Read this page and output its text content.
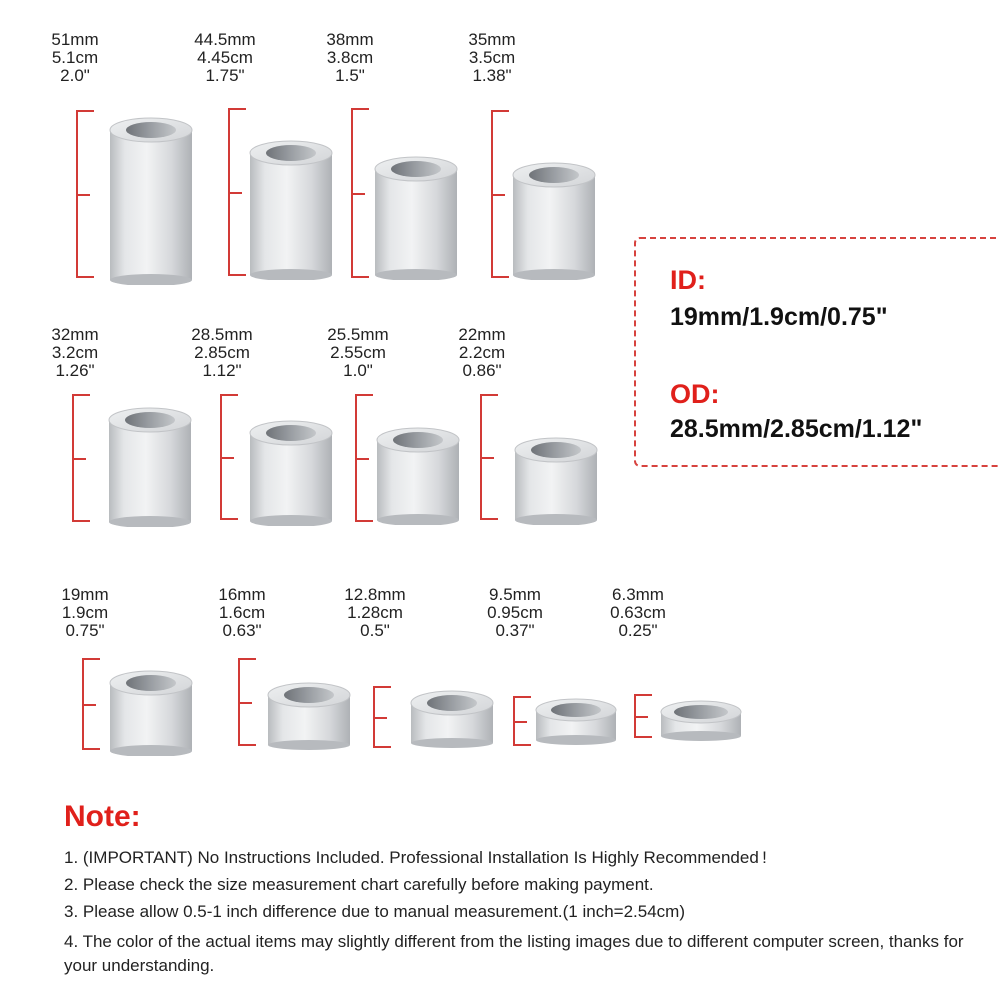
51mm
5.1cm
2.0"
44.5mm
4.45cm
1.75"
38mm
3.8cm
1.5"
35mm
3.5cm
1.38"
32mm
3.2cm
1.26"
28.5mm
2.85cm
1.12"
25.5mm
2.55cm
1.0"
22mm
2.2cm
0.86"
ID:
19mm/1.9cm/0.75"
OD:
28.5mm/2.85cm/1.12"
19mm
1.9cm
0.75"
16mm
1.6cm
0.63"
12.8mm
1.28cm
0.5"
9.5mm
0.95cm
0.37"
6.3mm
0.63cm
0.25"
Note:
1. (IMPORTANT) No Instructions Included. Professional Installation Is Highly Recommended !
2. Please check the size measurement chart carefully before making payment.
3. Please allow 0.5-1 inch difference due to manual measurement.(1 inch=2.54cm)
4. The color of the actual items may slightly different from the listing images due to different computer screen, thanks for your understanding.
